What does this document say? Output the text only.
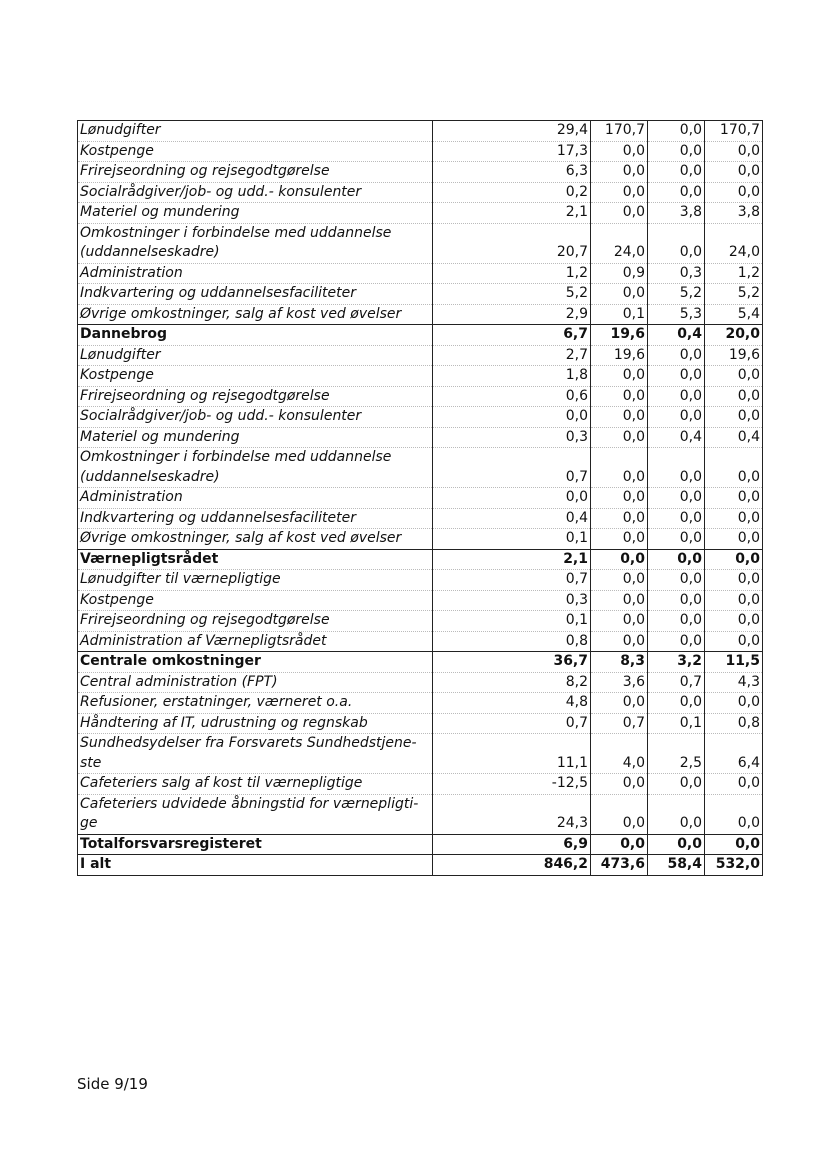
Lønudgifter	29,4	170,7	0,0	170,7
Kostpenge	17,3	0,0	0,0	0,0
Frirejseordning og rejsegodtgørelse	6,3	0,0	0,0	0,0
Socialrådgiver/job- og udd.- konsulenter	0,2	0,0	0,0	0,0
Materiel og mundering	2,1	0,0	3,8	3,8
Omkostninger i forbindelse med uddannelse
(uddannelseskadre)	20,7	24,0	0,0	24,0
Administration	1,2	0,9	0,3	1,2
Indkvartering og uddannelsesfaciliteter	5,2	0,0	5,2	5,2
Øvrige omkostninger, salg af kost ved øvelser	2,9	0,1	5,3	5,4
Dannebrog	6,7	19,6	0,4	20,0
Lønudgifter	2,7	19,6	0,0	19,6
Kostpenge	1,8	0,0	0,0	0,0
Frirejseordning og rejsegodtgørelse	0,6	0,0	0,0	0,0
Socialrådgiver/job- og udd.- konsulenter	0,0	0,0	0,0	0,0
Materiel og mundering	0,3	0,0	0,4	0,4
Omkostninger i forbindelse med uddannelse
(uddannelseskadre)	0,7	0,0	0,0	0,0
Administration	0,0	0,0	0,0	0,0
Indkvartering og uddannelsesfaciliteter	0,4	0,0	0,0	0,0
Øvrige omkostninger, salg af kost ved øvelser	0,1	0,0	0,0	0,0
Værnepligtsrådet	2,1	0,0	0,0	0,0
Lønudgifter til værnepligtige	0,7	0,0	0,0	0,0
Kostpenge	0,3	0,0	0,0	0,0
Frirejseordning og rejsegodtgørelse	0,1	0,0	0,0	0,0
Administration af Værnepligtsrådet	0,8	0,0	0,0	0,0
Centrale omkostninger	36,7	8,3	3,2	11,5
Central administration (FPT)	8,2	3,6	0,7	4,3
Refusioner, erstatninger, værneret o.a.	4,8	0,0	0,0	0,0
Håndtering af IT, udrustning og regnskab	0,7	0,7	0,1	0,8
Sundhedsydelser fra Forsvarets Sundhedstjene-
ste	11,1	4,0	2,5	6,4
Cafeteriers salg af kost til værnepligtige	-12,5	0,0	0,0	0,0
Cafeteriers udvidede åbningstid for værnepligti-
ge	24,3	0,0	0,0	0,0
Totalforsvarsregisteret	6,9	0,0	0,0	0,0
I alt	846,2	473,6	58,4	532,0
Side 9/19
